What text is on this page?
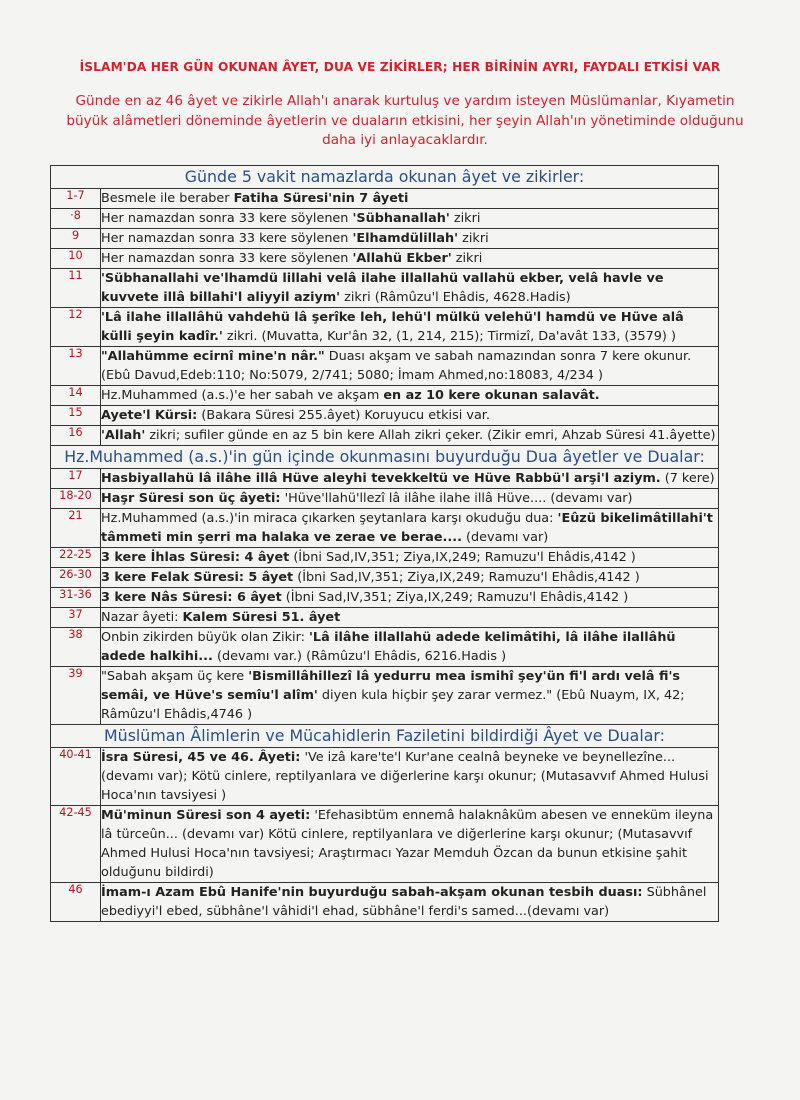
İSLAM'DA HER GÜN OKUNAN ÂYET, DUA VE ZİKİRLER; HER BİRİNİN AYRI, FAYDALI ETKİSİ VAR
Günde en az 46 âyet ve zikirle Allah'ı anarak kurtuluş ve yardım isteyen Müslümanlar, Kıyametin büyük alâmetleri döneminde âyetlerin ve duaların etkisini, her şeyin Allah'ın yönetiminde olduğunu daha iyi anlayacaklardır.
Günde 5 vakit namazlarda okunan âyet ve zikirler:	
1-7	Besmele ile beraber Fatiha Süresi'nin 7 âyeti
·8	Her namazdan sonra 33 kere söylenen 'Sübhanallah' zikri
9	Her namazdan sonra 33 kere söylenen 'Elhamdülillah' zikri
10	Her namazdan sonra 33 kere söylenen 'Allahü Ekber' zikri
11	'Sübhanallahi ve'lhamdü lillahi velâ ilahe illallahü vallahü ekber, velâ havle ve kuvvete illâ billahi'l aliyyil aziym' zikri (Râmûzu'l Ehâdis, 4628.Hadis)
12	'Lâ ilahe illallâhü vahdehü lâ şerîke leh, lehü'l mülkü velehü'l hamdü ve Hüve alâ külli şeyin kadîr.' zikri. (Muvatta, Kur'ân 32, (1, 214, 215); Tirmizî, Da'avât 133, (3579) )
13	"Allahümme ecirnî mine'n nâr." Duası akşam ve sabah namazından sonra 7 kere okunur. (Ebû Davud,Edeb:110; No:5079, 2/741; 5080; İmam Ahmed,no:18083, 4/234 )
14	Hz.Muhammed (a.s.)'e her sabah ve akşam en az 10 kere okunan salavât.
15	Ayete'l Kürsi: (Bakara Süresi 255.âyet) Koruyucu etkisi var.
16	'Allah' zikri; sufiler günde en az 5 bin kere Allah zikri çeker. (Zikir emri, Ahzab Süresi 41.âyette)
Hz.Muhammed (a.s.)'in gün içinde okunmasını buyurduğu Dua âyetler ve Dualar:	
17	Hasbiyallahü lâ ilâhe illâ Hüve aleyhi tevekkeltü ve Hüve Rabbü'l arşi'l aziym. (7 kere)
18-20	Haşr Süresi son üç âyeti: 'Hüve'llahü'llezî lâ ilâhe ilahe illâ Hüve.... (devamı var)
21	Hz.Muhammed (a.s.)'in miraca çıkarken şeytanlara karşı okuduğu dua: 'Eûzü bikelimâtillahi't tâmmeti min şerri ma halaka ve zerae ve berae.... (devamı var)
22-25	3 kere İhlas Süresi: 4 âyet (İbni Sad,IV,351; Ziya,IX,249; Ramuzu'l Ehâdis,4142 )
26-30	3 kere Felak Süresi: 5 âyet (İbni Sad,IV,351; Ziya,IX,249; Ramuzu'l Ehâdis,4142 )
31-36	3 kere Nâs Süresi: 6 âyet (İbni Sad,IV,351; Ziya,IX,249; Ramuzu'l Ehâdis,4142 )
37	Nazar âyeti: Kalem Süresi 51. âyet
38	Onbin zikirden büyük olan Zikir: 'Lâ ilâhe illallahü adede kelimâtihi, lâ ilâhe ilallâhü adede halkihi... (devamı var.) (Râmûzu'l Ehâdis, 6216.Hadis )
39	"Sabah akşam üç kere 'Bismillâhillezî lâ yedurru mea ismihî şey'ün fi'l ardı velâ fi's semâi, ve Hüve's semîu'l alîm' diyen kula hiçbir şey zarar vermez." (Ebû Nuaym, IX, 42; Râmûzu'l Ehâdis,4746 )
Müslüman Âlimlerin ve Mücahidlerin Faziletini bildirdiği Âyet ve Dualar:	
40-41	İsra Süresi, 45 ve 46. Âyeti: 'Ve izâ kare'te'l Kur'ane cealnâ beyneke ve beynellezîne...(devamı var); Kötü cinlere, reptilyanlara ve diğerlerine karşı okunur; (Mutasavvıf Ahmed Hulusi Hoca'nın tavsiyesi )
42-45	Mü'minun Süresi son 4 ayeti: 'Efehasibtüm ennemâ halaknâküm abesen ve enneküm ileyna lâ türceûn... (devamı var) Kötü cinlere, reptilyanlara ve diğerlerine karşı okunur; (Mutasavvıf Ahmed Hulusi Hoca'nın tavsiyesi; Araştırmacı Yazar Memduh Özcan da bunun etkisine şahit olduğunu bildirdi)
46	İmam-ı Azam Ebû Hanife'nin buyurduğu sabah-akşam okunan tesbih duası: Sübhânel ebediyyi'l ebed, sübhâne'l vâhidi'l ehad, sübhâne'l ferdi's samed...(devamı var)
